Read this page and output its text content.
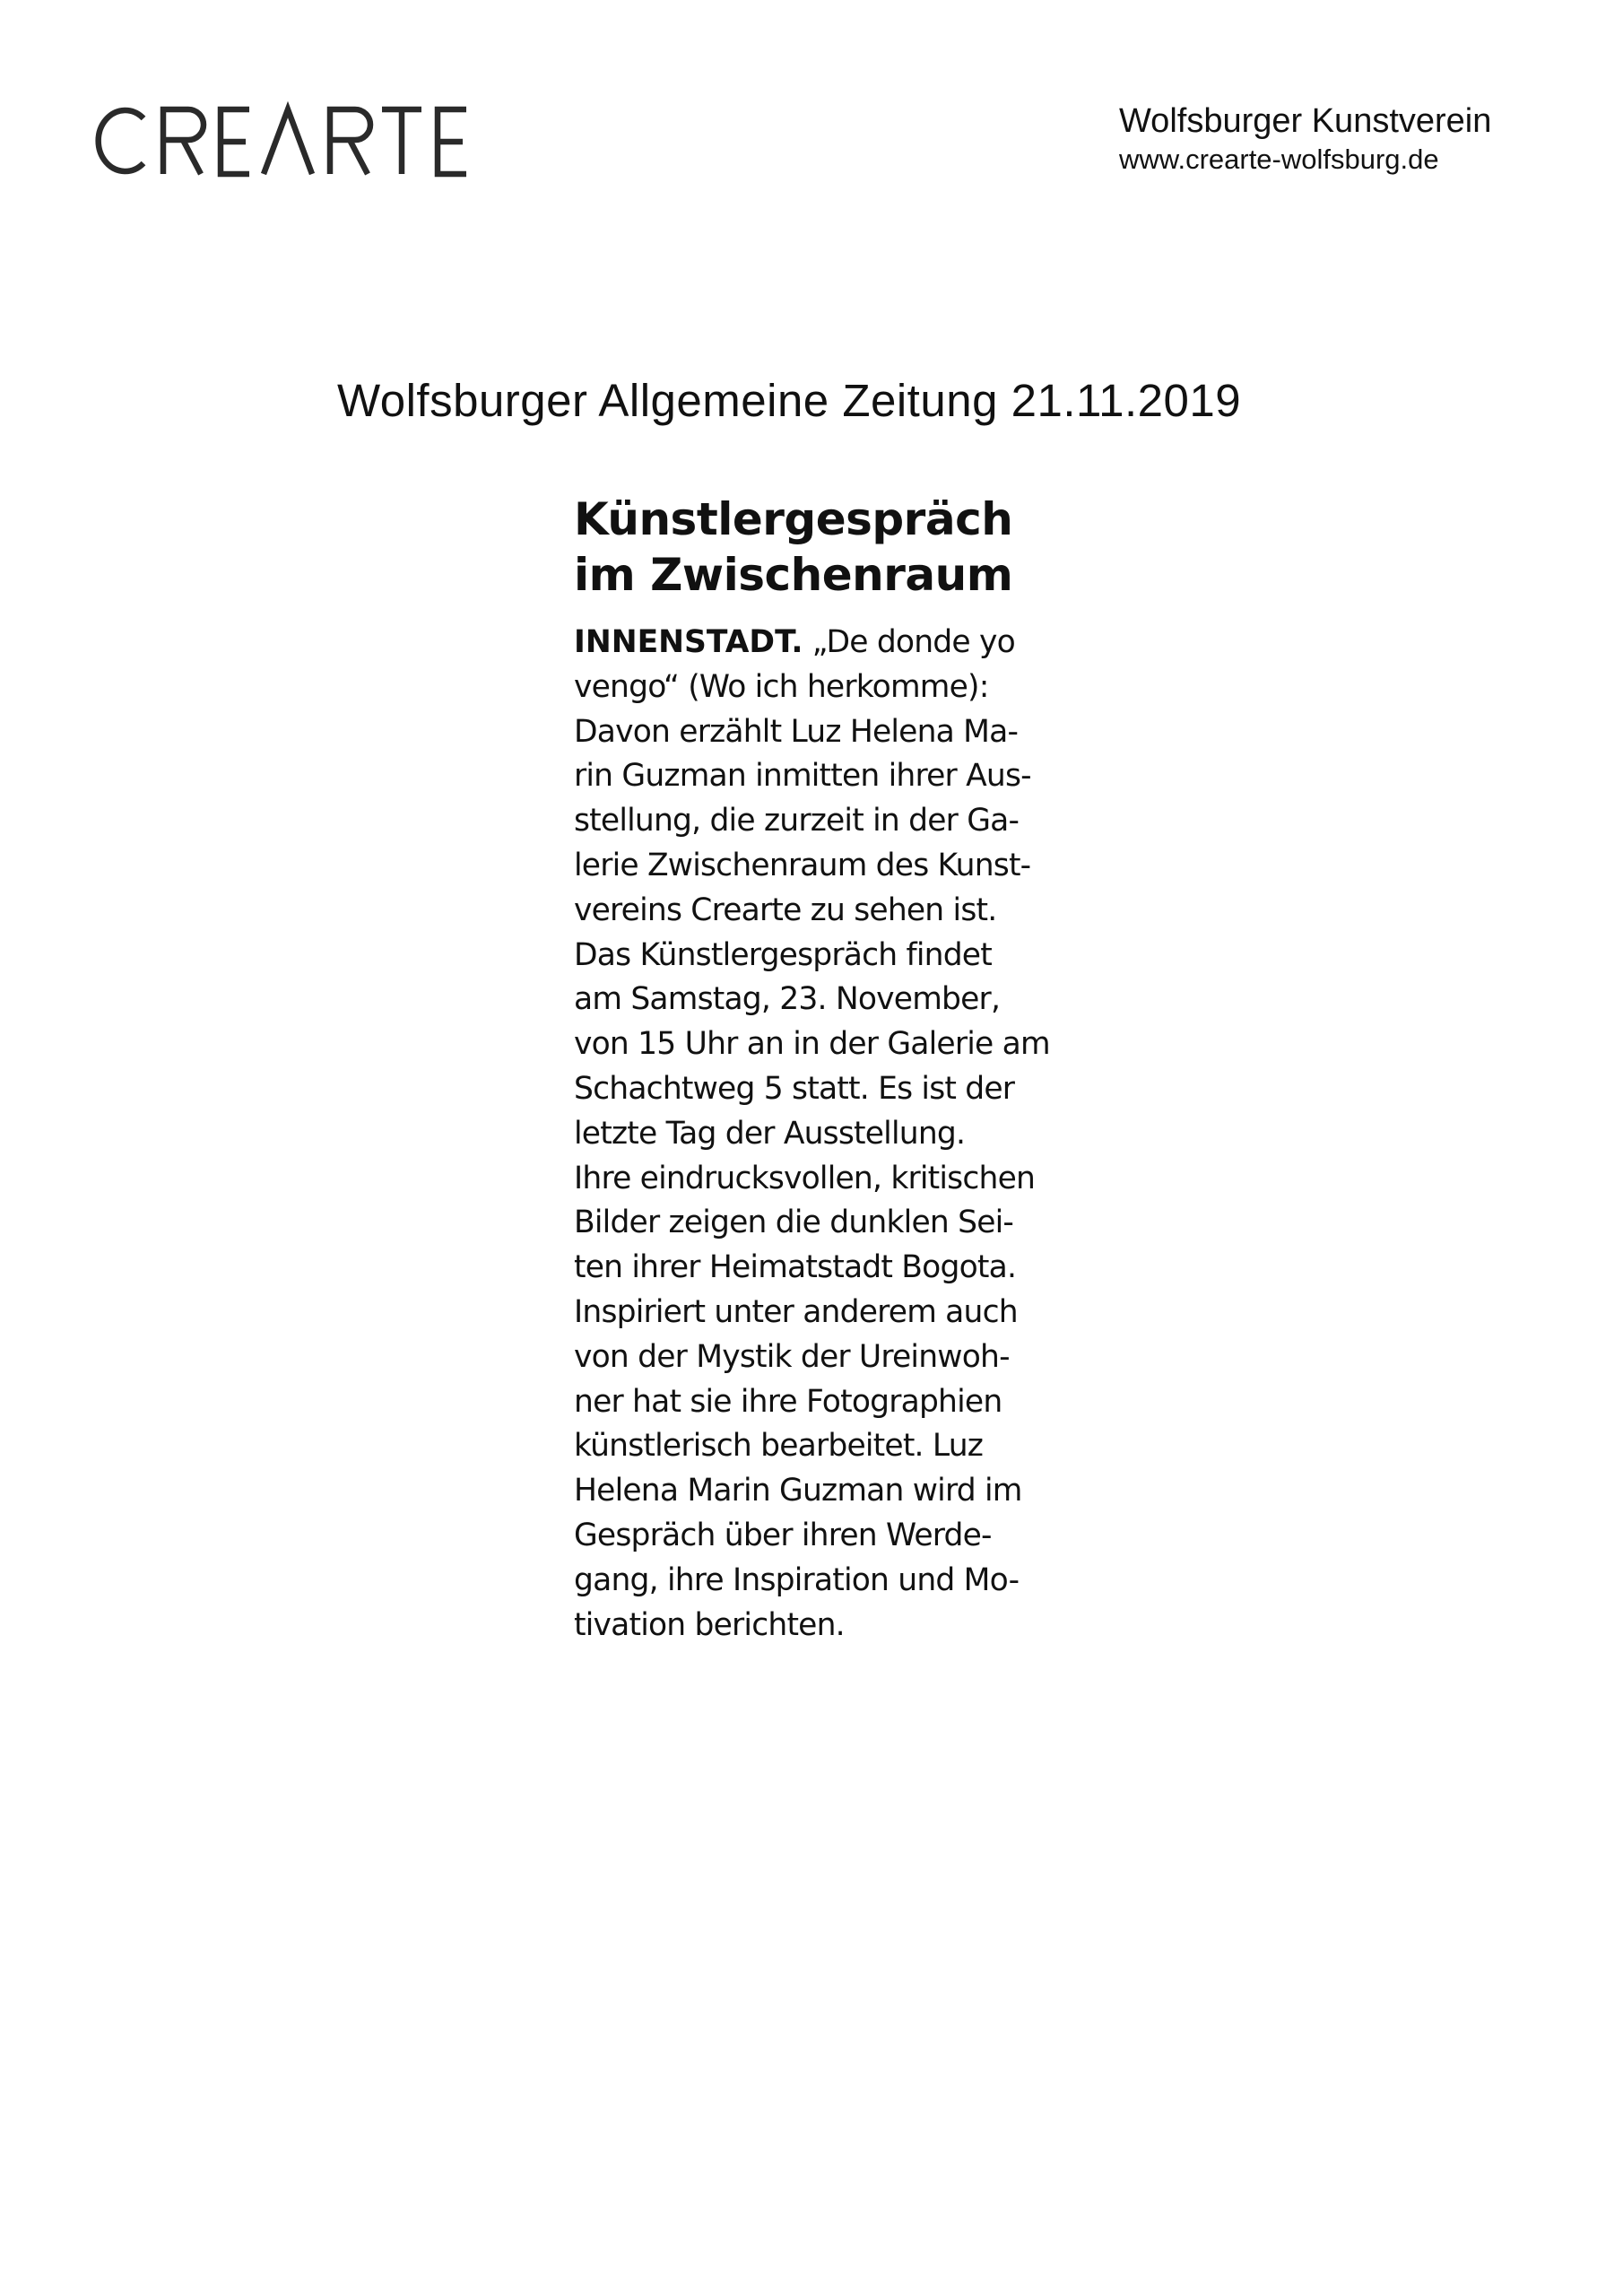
Wolfsburger Kunstverein
www.crearte-wolfsburg.de
Wolfsburger Allgemeine Zeitung 21.11.2019
Künstlergespräch
im Zwischenraum
INNENSTADT. „De donde yo
vengo“ (Wo ich herkomme):
Davon erzählt Luz Helena Ma-
rin Guzman inmitten ihrer Aus-
stellung, die zurzeit in der Ga-
lerie Zwischenraum des Kunst-
vereins Crearte zu sehen ist.
Das Künstlergespräch findet
am Samstag, 23. November,
von 15 Uhr an in der Galerie am
Schachtweg 5 statt. Es ist der
letzte Tag der Ausstellung.
Ihre eindrucksvollen, kritischen
Bilder zeigen die dunklen Sei-
ten ihrer Heimatstadt Bogota.
Inspiriert unter anderem auch
von der Mystik der Ureinwoh-
ner hat sie ihre Fotographien
künstlerisch bearbeitet. Luz
Helena Marin Guzman wird im
Gespräch über ihren Werde-
gang, ihre Inspiration und Mo-
tivation berichten.
